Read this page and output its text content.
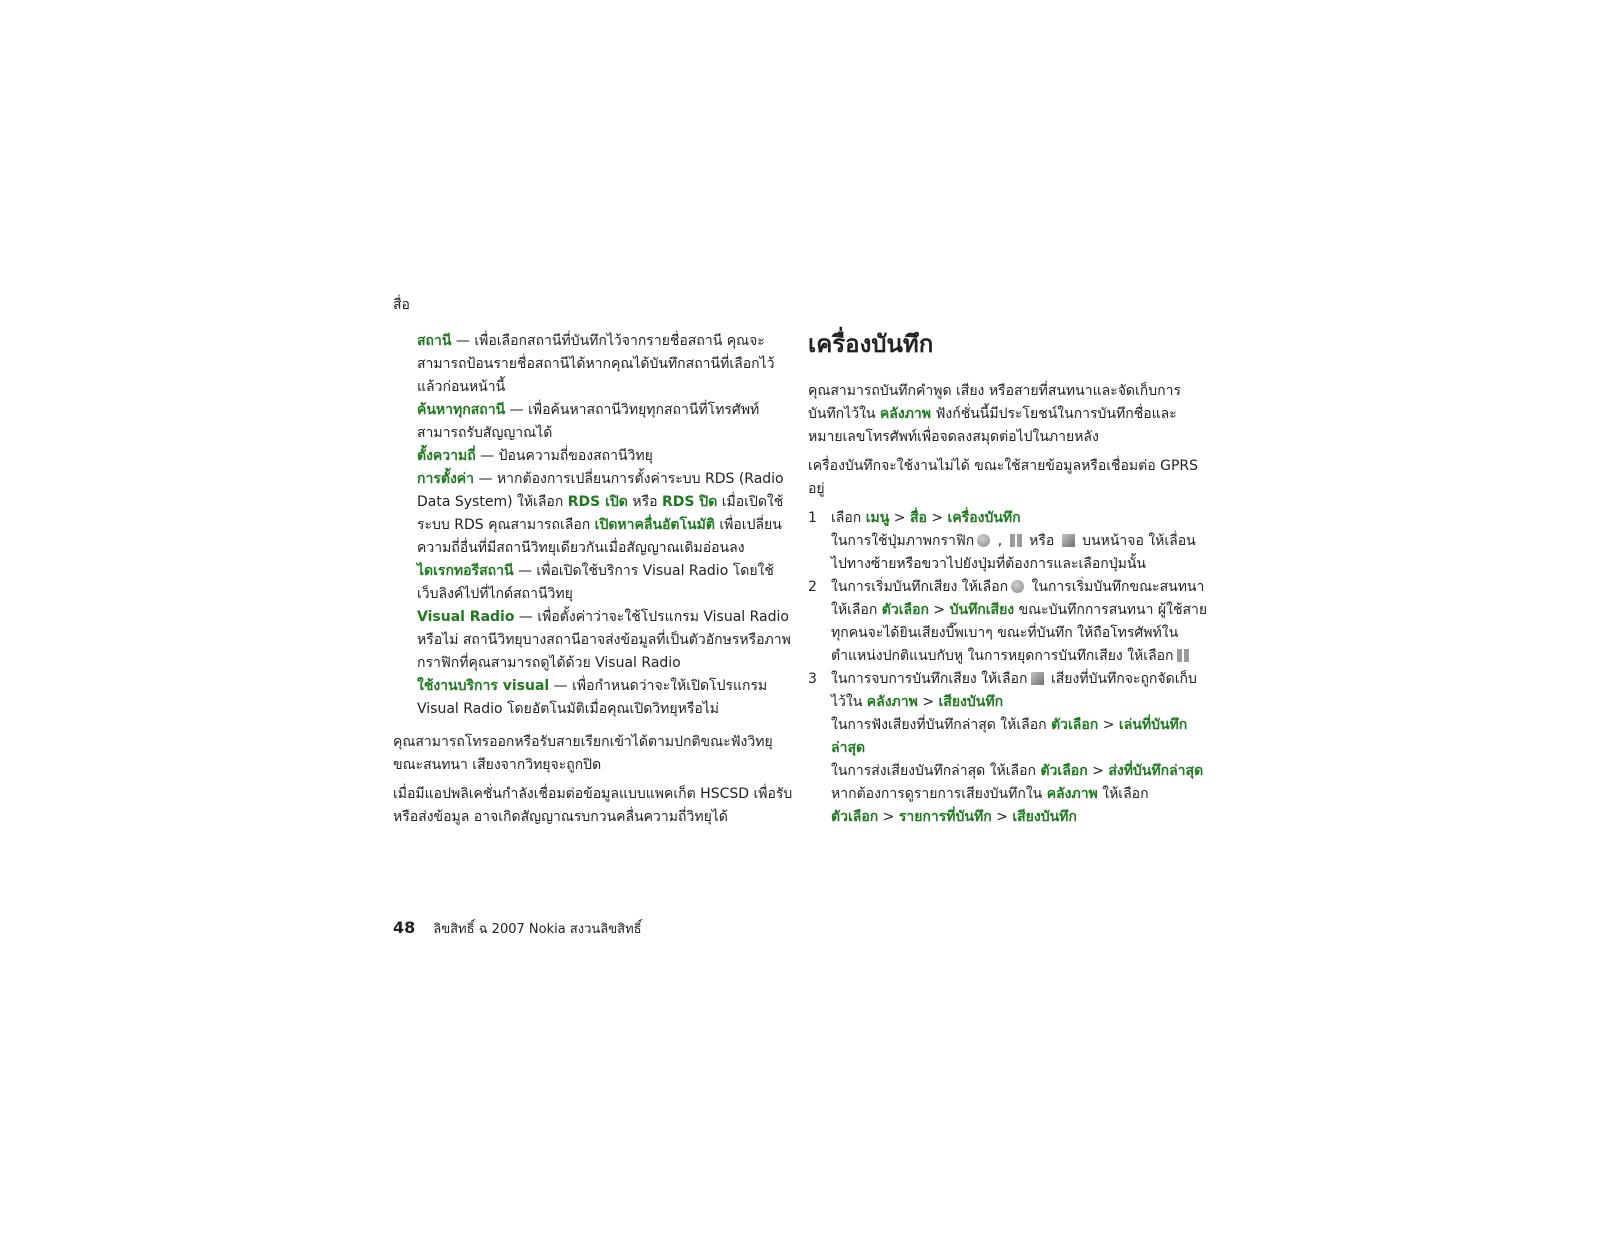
สื่อ

สถานี — เพื่อเลือกสถานีที่บันทึกไว้จากรายชื่อสถานี คุณจะสามารถป้อนรายชื่อสถานีได้หากคุณได้บันทึกสถานีที่เลือกไว้แล้วก่อนหน้านี้

ค้นหาทุกสถานี — เพื่อค้นหาสถานีวิทยุทุกสถานีที่โทรศัพท์สามารถรับสัญญาณได้

ตั้งความถี่ — ป้อนความถี่ของสถานีวิทยุ

การตั้งค่า — หากต้องการเปลี่ยนการตั้งค่าระบบ RDS (Radio Data System) ให้เลือก RDS เปิด หรือ RDS ปิด เมื่อเปิดใช้ระบบ RDS คุณสามารถเลือก เปิดหาคลื่นอัตโนมัติ เพื่อเปลี่ยนความถี่อื่นที่มีสถานีวิทยุเดียวกันเมื่อสัญญาณเดิมอ่อนลง

ไดเรกทอรีสถานี — เพื่อเปิดใช้บริการ Visual Radio โดยใช้เว็บลิงค์ไปที่ไกด์สถานีวิทยุ

Visual Radio — เพื่อตั้งค่าว่าจะใช้โปรแกรม Visual Radio หรือไม่ สถานีวิทยุบางสถานีอาจส่งข้อมูลที่เป็นตัวอักษรหรือภาพกราฟิกที่คุณสามารถดูได้ด้วย Visual Radio

ใช้งานบริการ visual — เพื่อกำหนดว่าจะให้เปิดโปรแกรม Visual Radio โดยอัตโนมัติเมื่อคุณเปิดวิทยุหรือไม่

คุณสามารถโทรออกหรือรับสายเรียกเข้าได้ตามปกติขณะฟังวิทยุ ขณะสนทนา เสียงจากวิทยุจะถูกปิด

เมื่อมีแอปพลิเคชั่นกำลังเชื่อมต่อข้อมูลแบบแพคเก็ต HSCSD เพื่อรับหรือส่งข้อมูล อาจเกิดสัญญาณรบกวนคลื่นความถี่วิทยุได้

เครื่องบันทึก

คุณสามารถบันทึกคำพูด เสียง หรือสายที่สนทนาและจัดเก็บการบันทึกไว้ใน คลังภาพ ฟังก์ชั่นนี้มีประโยชน์ในการบันทึกชื่อและหมายเลขโทรศัพท์เพื่อจดลงสมุดต่อไปในภายหลัง

เครื่องบันทึกจะใช้งานไม่ได้ ขณะใช้สายข้อมูลหรือเชื่อมต่อ GPRS อยู่

1 เลือก เมนู > สื่อ > เครื่องบันทึก

ในการใช้ปุ่มภาพกราฟิก ,  หรือ  บนหน้าจอ ให้เลื่อนไปทางซ้ายหรือขวาไปยังปุ่มที่ต้องการและเลือกปุ่มนั้น

2 ในการเริ่มบันทึกเสียง ให้เลือก ในการเริ่มบันทึกขณะสนทนา ให้เลือก ตัวเลือก > บันทึกเสียง ขณะบันทึกการสนทนา ผู้ใช้สายทุกคนจะได้ยินเสียงบี๊พเบาๆ ขณะที่บันทึก ให้ถือโทรศัพท์ในตำแหน่งปกติแนบกับหู ในการหยุดการบันทึกเสียง ให้เลือก

3 ในการจบการบันทึกเสียง ให้เลือก เสียงที่บันทึกจะถูกจัดเก็บไว้ใน คลังภาพ > เสียงบันทึก

ในการฟังเสียงที่บันทึกล่าสุด ให้เลือก ตัวเลือก > เล่นที่บันทึกล่าสุด

ในการส่งเสียงบันทึกล่าสุด ให้เลือก ตัวเลือก > ส่งที่บันทึกล่าสุด

หากต้องการดูรายการเสียงบันทึกใน คลังภาพ ให้เลือก

ตัวเลือก > รายการที่บันทึก > เสียงบันทึก

48 ลิขสิทธิ์ ฉ 2007 Nokia สงวนลิขสิทธิ์
